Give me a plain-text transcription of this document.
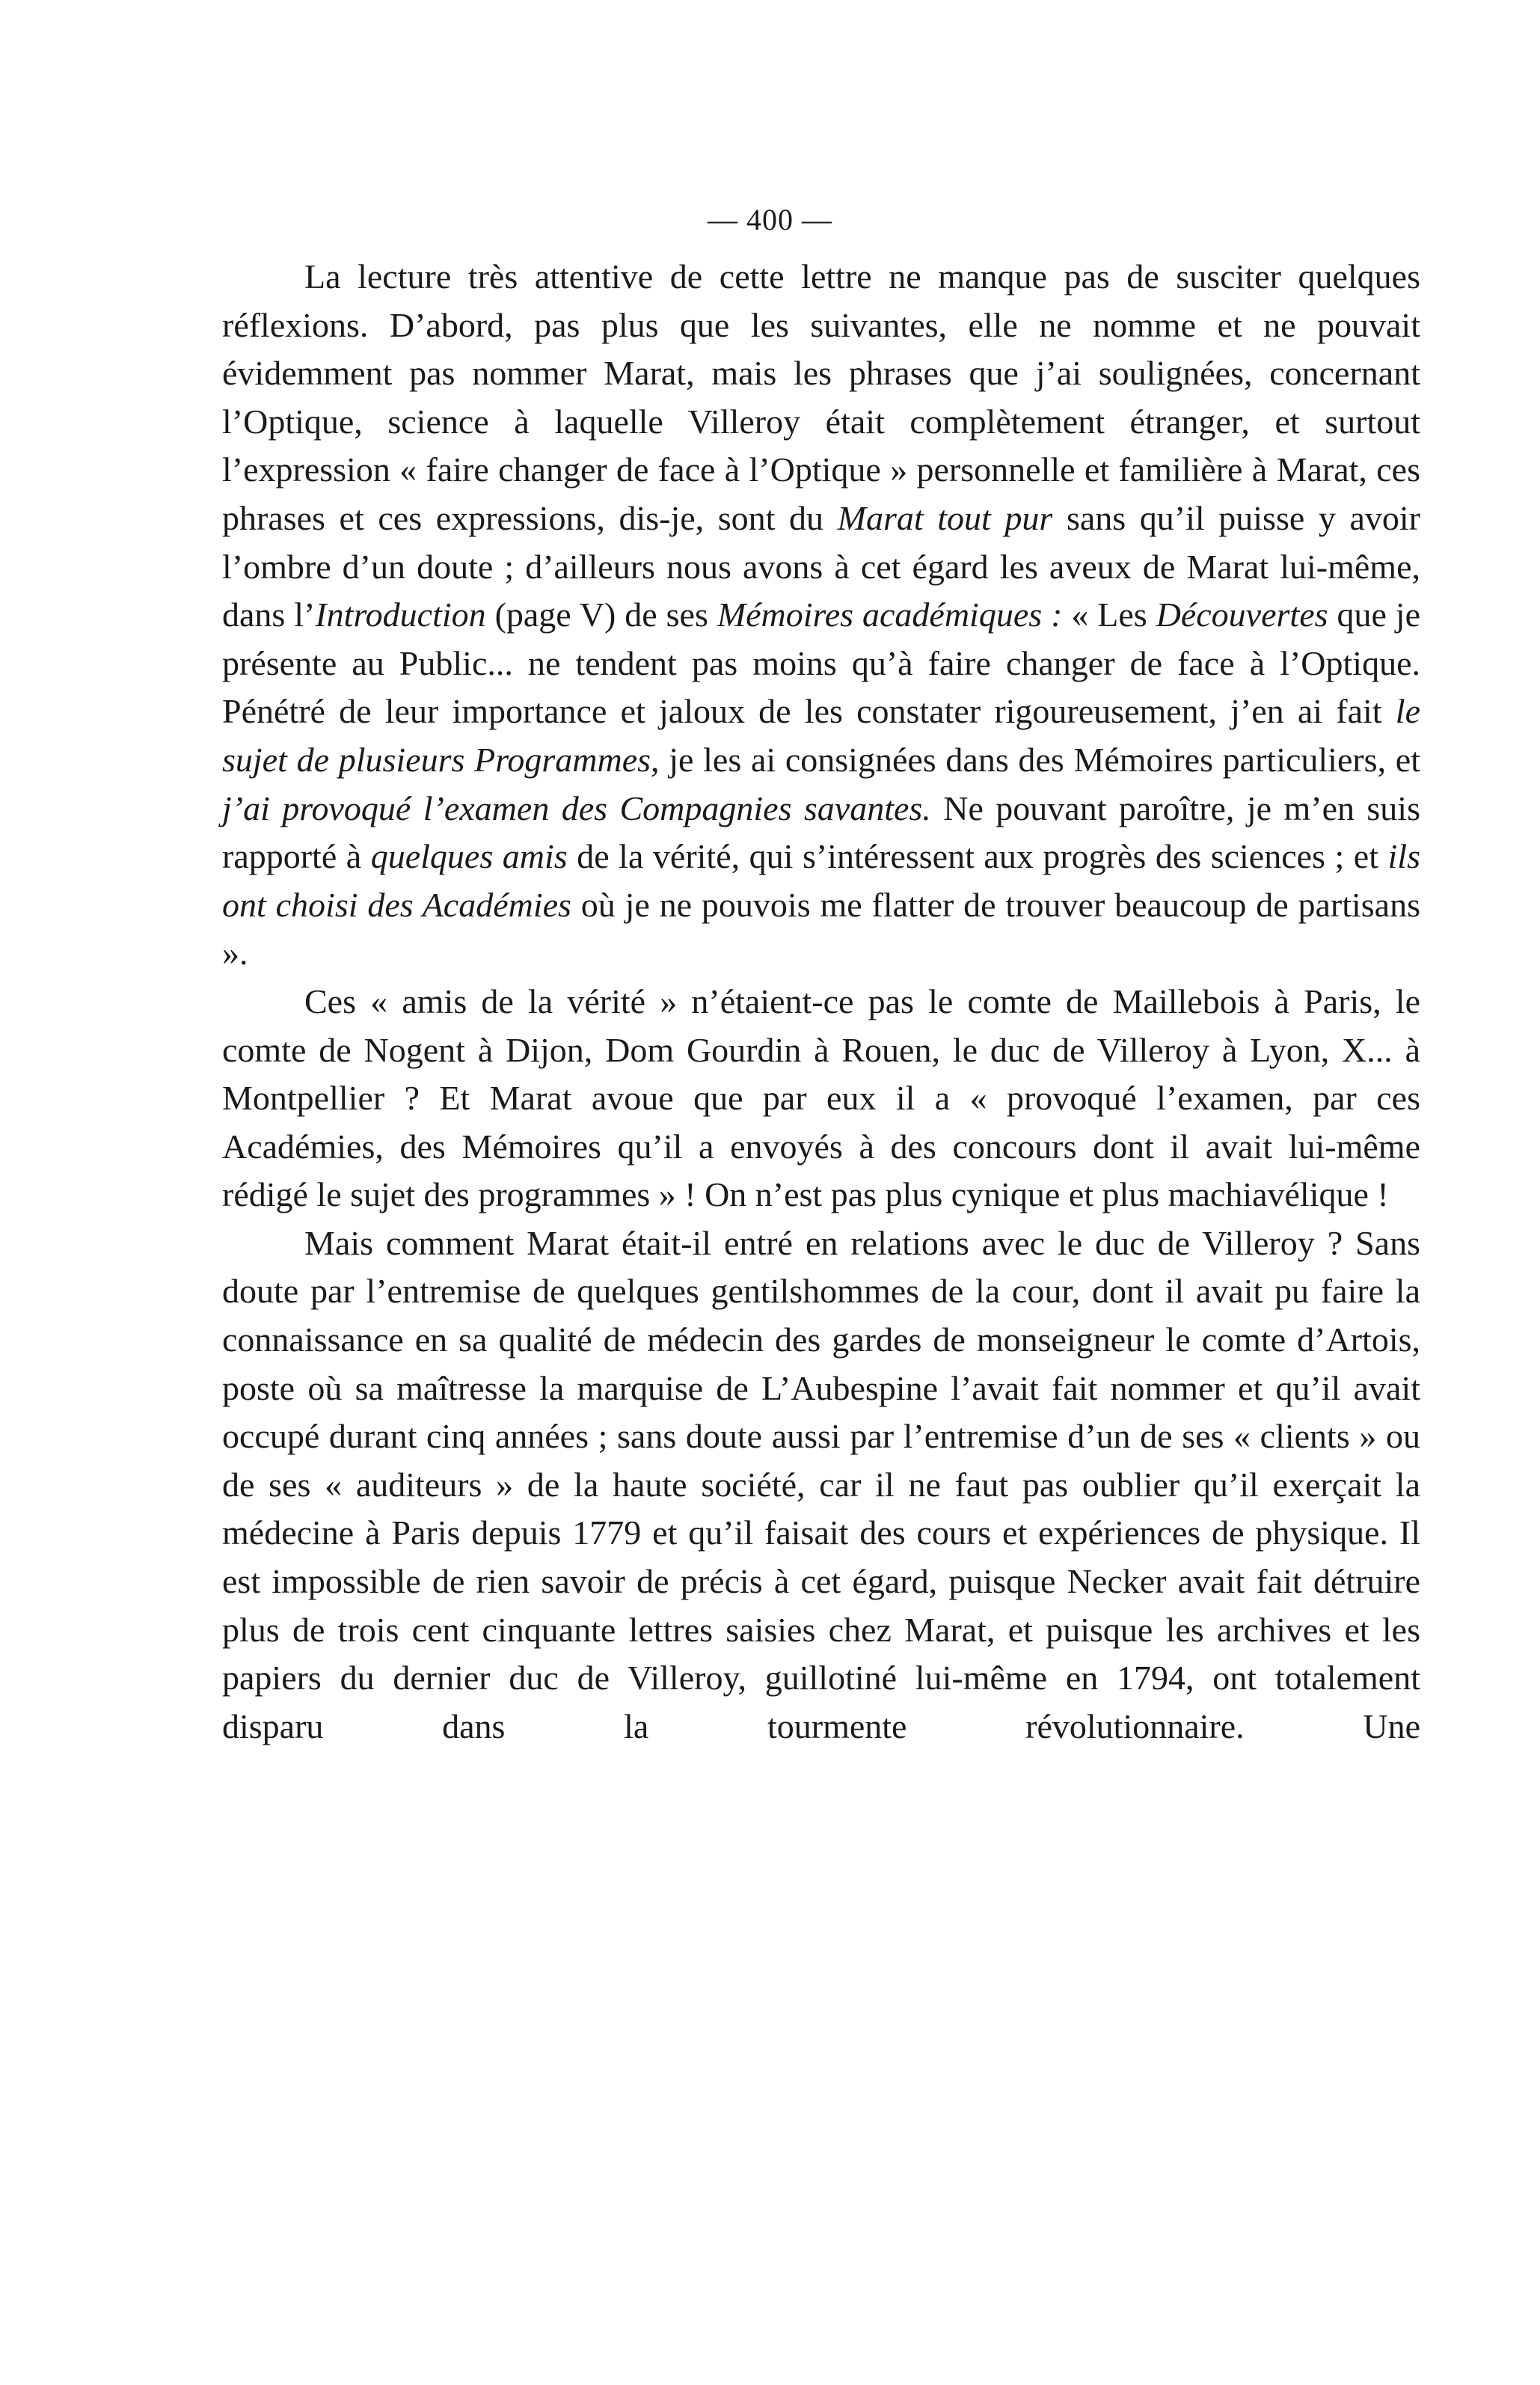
— 400 —

La lecture très attentive de cette lettre ne manque pas de susciter quelques réflexions. D’abord, pas plus que les suivantes, elle ne nomme et ne pouvait évidemment pas nommer Marat, mais les phrases que j’ai soulignées, concernant l’Optique, science à laquelle Villeroy était complètement étranger, et surtout l’expression « faire changer de face à l’Optique » personnelle et familière à Marat, ces phrases et ces expressions, dis-je, sont du Marat tout pur sans qu’il puisse y avoir l’ombre d’un doute ; d’ailleurs nous avons à cet égard les aveux de Marat lui-même, dans l’Introduction (page V) de ses Mémoires académiques : « Les Découvertes que je présente au Public... ne tendent pas moins qu’à faire changer de face à l’Optique. Pénétré de leur importance et jaloux de les constater rigoureusement, j’en ai fait le sujet de plusieurs Programmes, je les ai consignées dans des Mémoires particuliers, et j’ai provoqué l’examen des Compagnies savantes. Ne pouvant paroître, je m’en suis rapporté à quelques amis de la vérité, qui s’intéressent aux progrès des sciences ; et ils ont choisi des Académies où je ne pouvois me flatter de trouver beaucoup de partisans ».

Ces « amis de la vérité » n’étaient-ce pas le comte de Maillebois à Paris, le comte de Nogent à Dijon, Dom Gourdin à Rouen, le duc de Villeroy à Lyon, X... à Montpellier ? Et Marat avoue que par eux il a « provoqué l’examen, par ces Académies, des Mémoires qu’il a envoyés à des concours dont il avait lui-même rédigé le sujet des programmes » ! On n’est pas plus cynique et plus machiavélique !

Mais comment Marat était-il entré en relations avec le duc de Villeroy ? Sans doute par l’entremise de quelques gentilshommes de la cour, dont il avait pu faire la connaissance en sa qualité de médecin des gardes de monseigneur le comte d’Artois, poste où sa maîtresse la marquise de L’Aubespine l’avait fait nommer et qu’il avait occupé durant cinq années ; sans doute aussi par l’entremise d’un de ses « clients » ou de ses « auditeurs » de la haute société, car il ne faut pas oublier qu’il exerçait la médecine à Paris depuis 1779 et qu’il faisait des cours et expériences de physique. Il est impossible de rien savoir de précis à cet égard, puisque Necker avait fait détruire plus de trois cent cinquante lettres saisies chez Marat, et puisque les archives et les papiers du dernier duc de Villeroy, guillotiné lui-même en 1794, ont totalement disparu dans la tourmente révolutionnaire. Une
